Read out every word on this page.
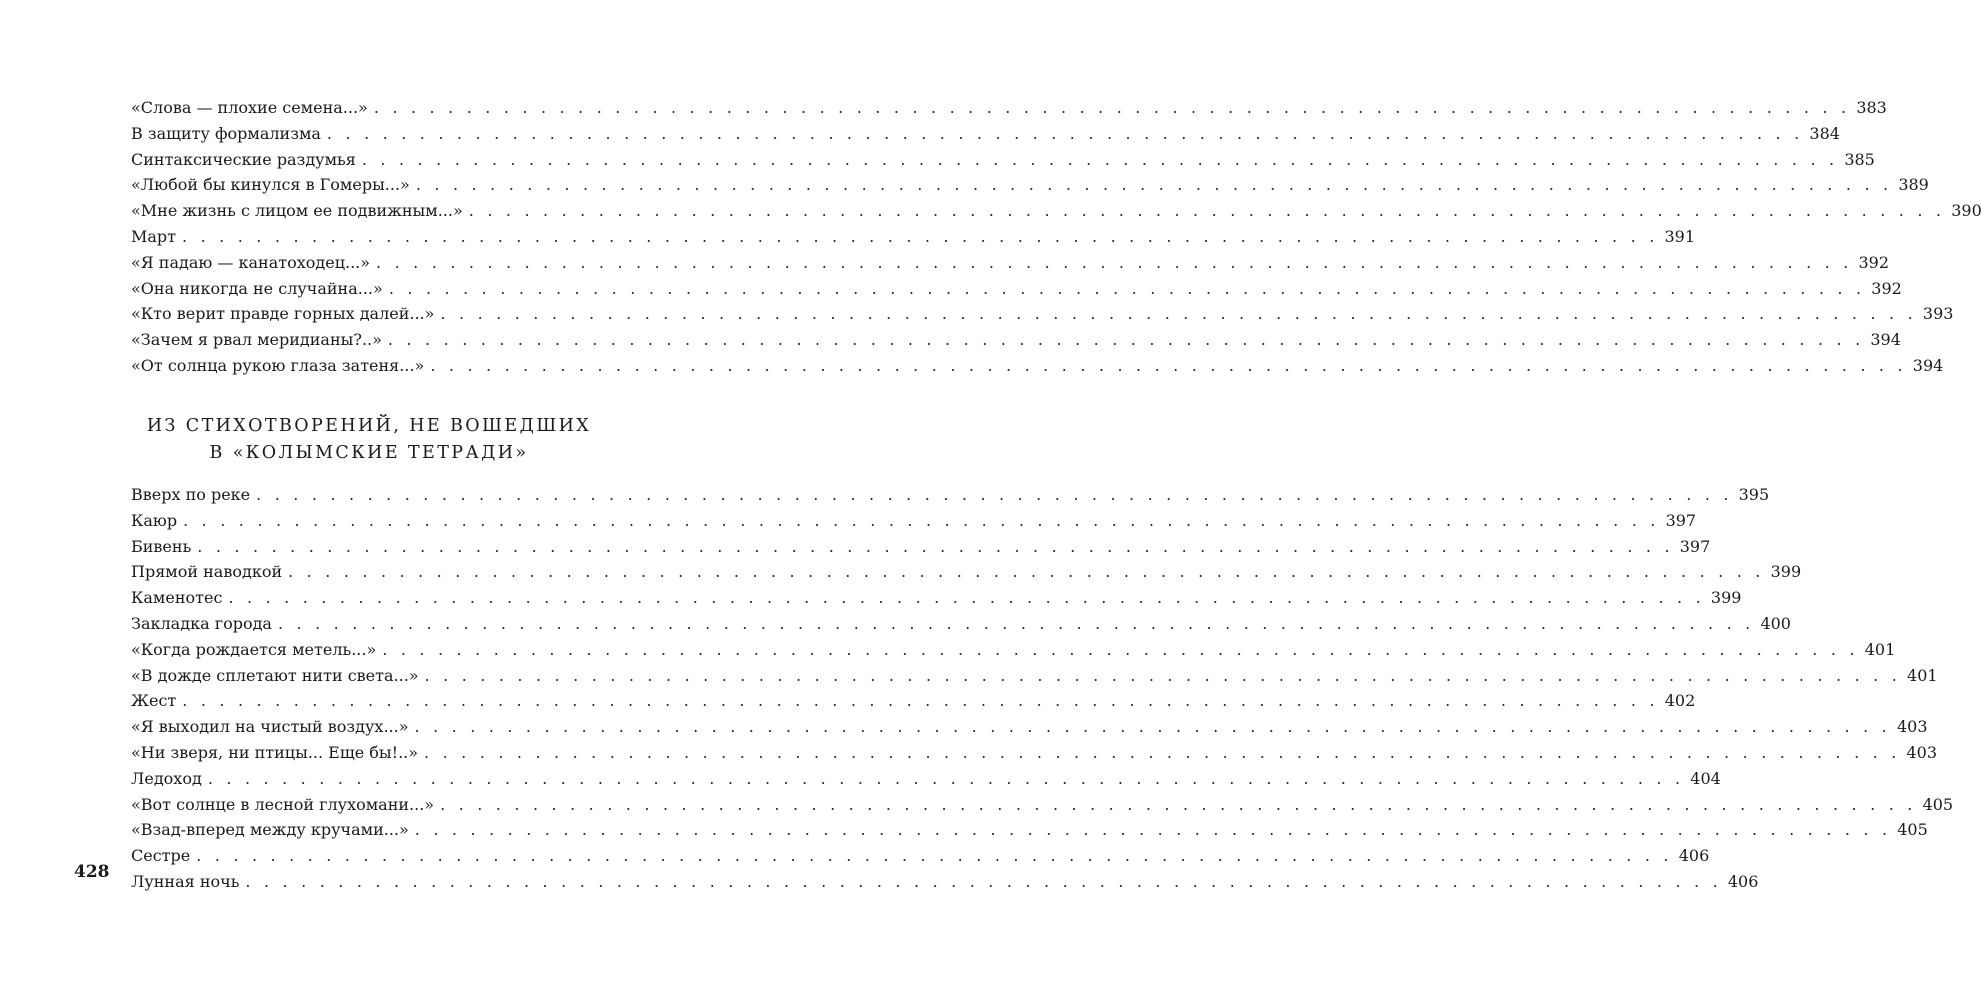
«Слова — плохие семена...» . . . . . . . . . . . . . . . . . . . . . . . . . . . . . . . . . . . . . . . . . . . . . . . . . . . . . . . . . . . . . . . . . . . . . . . . . . . . . . . . 383
В защиту формализма . . . . . . . . . . . . . . . . . . . . . . . . . . . . . . . . . . . . . . . . . . . . . . . . . . . . . . . . . . . . . . . . . . . . . . . . . . . . . . . . 384
Синтаксические раздумья . . . . . . . . . . . . . . . . . . . . . . . . . . . . . . . . . . . . . . . . . . . . . . . . . . . . . . . . . . . . . . . . . . . . . . . . . . . . . . . . 385
«Любой бы кинулся в Гомеры...» . . . . . . . . . . . . . . . . . . . . . . . . . . . . . . . . . . . . . . . . . . . . . . . . . . . . . . . . . . . . . . . . . . . . . . . . . . . . . . . . 389
«Мне жизнь с лицом ее подвижным...» . . . . . . . . . . . . . . . . . . . . . . . . . . . . . . . . . . . . . . . . . . . . . . . . . . . . . . . . . . . . . . . . . . . . . . . . . . . . . . . . 390
Март . . . . . . . . . . . . . . . . . . . . . . . . . . . . . . . . . . . . . . . . . . . . . . . . . . . . . . . . . . . . . . . . . . . . . . . . . . . . . . . . 391
«Я падаю — канатоходец...» . . . . . . . . . . . . . . . . . . . . . . . . . . . . . . . . . . . . . . . . . . . . . . . . . . . . . . . . . . . . . . . . . . . . . . . . . . . . . . . . 392
«Она никогда не случайна...» . . . . . . . . . . . . . . . . . . . . . . . . . . . . . . . . . . . . . . . . . . . . . . . . . . . . . . . . . . . . . . . . . . . . . . . . . . . . . . . . 392
«Кто верит правде горных далей...» . . . . . . . . . . . . . . . . . . . . . . . . . . . . . . . . . . . . . . . . . . . . . . . . . . . . . . . . . . . . . . . . . . . . . . . . . . . . . . . . 393
«Зачем я рвал меридианы?..» . . . . . . . . . . . . . . . . . . . . . . . . . . . . . . . . . . . . . . . . . . . . . . . . . . . . . . . . . . . . . . . . . . . . . . . . . . . . . . . . 394
«От солнца рукою глаза затеня...» . . . . . . . . . . . . . . . . . . . . . . . . . . . . . . . . . . . . . . . . . . . . . . . . . . . . . . . . . . . . . . . . . . . . . . . . . . . . . . . . 394
ИЗ СТИХОТВОРЕНИЙ, НЕ ВОШЕДШИХ
В «КОЛЫМСКИЕ ТЕТРАДИ»
Вверх по реке . . . . . . . . . . . . . . . . . . . . . . . . . . . . . . . . . . . . . . . . . . . . . . . . . . . . . . . . . . . . . . . . . . . . . . . . . . . . . . . . 395
Каюр . . . . . . . . . . . . . . . . . . . . . . . . . . . . . . . . . . . . . . . . . . . . . . . . . . . . . . . . . . . . . . . . . . . . . . . . . . . . . . . . 397
Бивень . . . . . . . . . . . . . . . . . . . . . . . . . . . . . . . . . . . . . . . . . . . . . . . . . . . . . . . . . . . . . . . . . . . . . . . . . . . . . . . . 397
Прямой наводкой . . . . . . . . . . . . . . . . . . . . . . . . . . . . . . . . . . . . . . . . . . . . . . . . . . . . . . . . . . . . . . . . . . . . . . . . . . . . . . . . 399
Каменотес . . . . . . . . . . . . . . . . . . . . . . . . . . . . . . . . . . . . . . . . . . . . . . . . . . . . . . . . . . . . . . . . . . . . . . . . . . . . . . . . 399
Закладка города . . . . . . . . . . . . . . . . . . . . . . . . . . . . . . . . . . . . . . . . . . . . . . . . . . . . . . . . . . . . . . . . . . . . . . . . . . . . . . . . 400
«Когда рождается метель...» . . . . . . . . . . . . . . . . . . . . . . . . . . . . . . . . . . . . . . . . . . . . . . . . . . . . . . . . . . . . . . . . . . . . . . . . . . . . . . . . 401
«В дожде сплетают нити света...» . . . . . . . . . . . . . . . . . . . . . . . . . . . . . . . . . . . . . . . . . . . . . . . . . . . . . . . . . . . . . . . . . . . . . . . . . . . . . . . . 401
Жест . . . . . . . . . . . . . . . . . . . . . . . . . . . . . . . . . . . . . . . . . . . . . . . . . . . . . . . . . . . . . . . . . . . . . . . . . . . . . . . . 402
«Я выходил на чистый воздух...» . . . . . . . . . . . . . . . . . . . . . . . . . . . . . . . . . . . . . . . . . . . . . . . . . . . . . . . . . . . . . . . . . . . . . . . . . . . . . . . . 403
«Ни зверя, ни птицы... Еще бы!..» . . . . . . . . . . . . . . . . . . . . . . . . . . . . . . . . . . . . . . . . . . . . . . . . . . . . . . . . . . . . . . . . . . . . . . . . . . . . . . . . 403
Ледоход . . . . . . . . . . . . . . . . . . . . . . . . . . . . . . . . . . . . . . . . . . . . . . . . . . . . . . . . . . . . . . . . . . . . . . . . . . . . . . . . 404
«Вот солнце в лесной глухомани...» . . . . . . . . . . . . . . . . . . . . . . . . . . . . . . . . . . . . . . . . . . . . . . . . . . . . . . . . . . . . . . . . . . . . . . . . . . . . . . . . 405
«Взад-вперед между кручами...» . . . . . . . . . . . . . . . . . . . . . . . . . . . . . . . . . . . . . . . . . . . . . . . . . . . . . . . . . . . . . . . . . . . . . . . . . . . . . . . . 405
Сестре . . . . . . . . . . . . . . . . . . . . . . . . . . . . . . . . . . . . . . . . . . . . . . . . . . . . . . . . . . . . . . . . . . . . . . . . . . . . . . . . 406
Лунная ночь . . . . . . . . . . . . . . . . . . . . . . . . . . . . . . . . . . . . . . . . . . . . . . . . . . . . . . . . . . . . . . . . . . . . . . . . . . . . . . . . 406
428
